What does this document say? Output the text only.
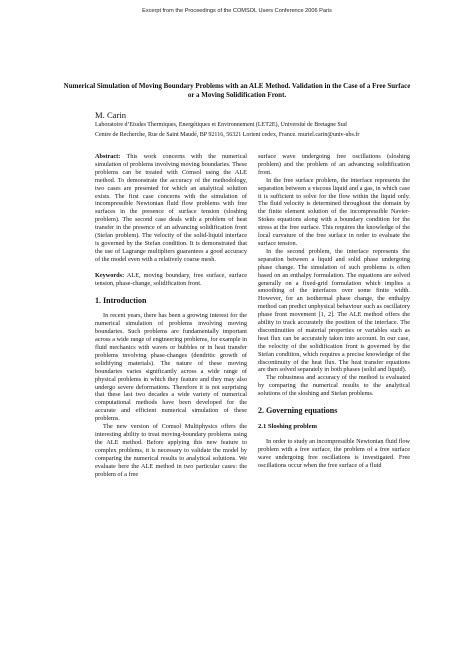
Excerpt from the Proceedings of the COMSOL Users Conference 2006 Paris
Numerical Simulation of Moving Boundary Problems with an ALE Method. Validation in the Case of a Free Surface or a Moving Solidification Front.
M. Carin
Laboratoire d’Etudes Thermiques, Energétiques et Environnement (LET2E), Université de Bretagne Sud
Centre de Recherche, Rue de Saint Maudé, BP 92116, 56321 Lorient cedex, France. muriel.carin@univ-ubs.fr

Abstract: This work concerns with the numerical simulation of problems involving moving boundaries. These problems can be treated with Comsol using the ALE method. To demonstrate the accuracy of the methodology, two cases are presented for which an analytical solution exists. The first case concerns with the simulation of incompressible Newtonian fluid flow problems with free surfaces in the presence of surface tension (sloshing problem). The second case deals with a problem of heat transfer in the presence of an advancing solidification front (Stefan problem). The velocity of the solid-liquid interface is governed by the Stefan condition. It is demonstrated that the use of Lagrange multipliers guarantees a good accuracy of the model even with a relatively coarse mesh.

Keywords: ALE, moving boundary, free surface, surface tension, phase-change, solidification front.

1. Introduction

In recent years, there has been a growing interest for the numerical simulation of problems involving moving boundaries. Such problems are fundamentally important across a wide range of engineering problems, for example in fluid mechanics with waves or bubbles or in heat transfer problems involving phase-changes (dendritic growth of solidifying materials). The nature of these moving boundaries varies significantly across a wide range of physical problems in which they feature and they may also undergo severe deformations. Therefore it is not surprising that these last two decades a wide variety of numerical computational methods have been developed for the accurate and efficient numerical simulation of these problems.

The new version of Comsol Multiphysics offers the interesting ability to treat moving-boundary problems using the ALE method. Before applying this new feature to complex problems, it is necessary to validate the model by comparing the numerical results to analytical solutions. We evaluate here the ALE method in two particular cases: the problem of a free

surface wave undergoing free oscillations (sloshing problem) and the problem of an advancing solidification front.

In the free surface problem, the interface represents the separation between a viscous liquid and a gas, in which case it is sufficient to solve for the flow within the liquid only. The fluid velocity is determined throughout the domain by the finite element solution of the incompressible Navier-Stokes equations along with a boundary condition for the stress at the free surface. This requires the knowledge of the local curvature of the free surface in order to evaluate the surface tension.

In the second problem, the interface represents the separation between a liquid and solid phase undergoing phase change. The simulation of such problems is often based on an enthalpy formulation. The equations are solved generally on a fixed-grid formulation which implies a smoothing of the interfaces over some finite width. However, for an isothermal phase change, the enthalpy method can predict unphysical behaviour such as oscillatory phase front movement [1, 2]. The ALE method offers the ability to track accurately the position of the interface. The discontinuities of material properties or variables such as heat flux can be accurately taken into account. In our case, the velocity of the solidification front is governed by the Stefan condition, which requires a precise knowledge of the discontinuity of the heat flux. The heat transfer equations are then solved separately in both phases (solid and liquid).

The robustness and accuracy of the method is evaluated by comparing the numerical results to the analytical solutions of the sloshing and Stefan problems.

2. Governing equations
2.1 Sloshing problem

In order to study an incompressible Newtonian fluid flow problem with a free surface, the problem of a free surface wave undergoing free oscillations is investigated. Free oscillations occur when the free surface of a fluid
